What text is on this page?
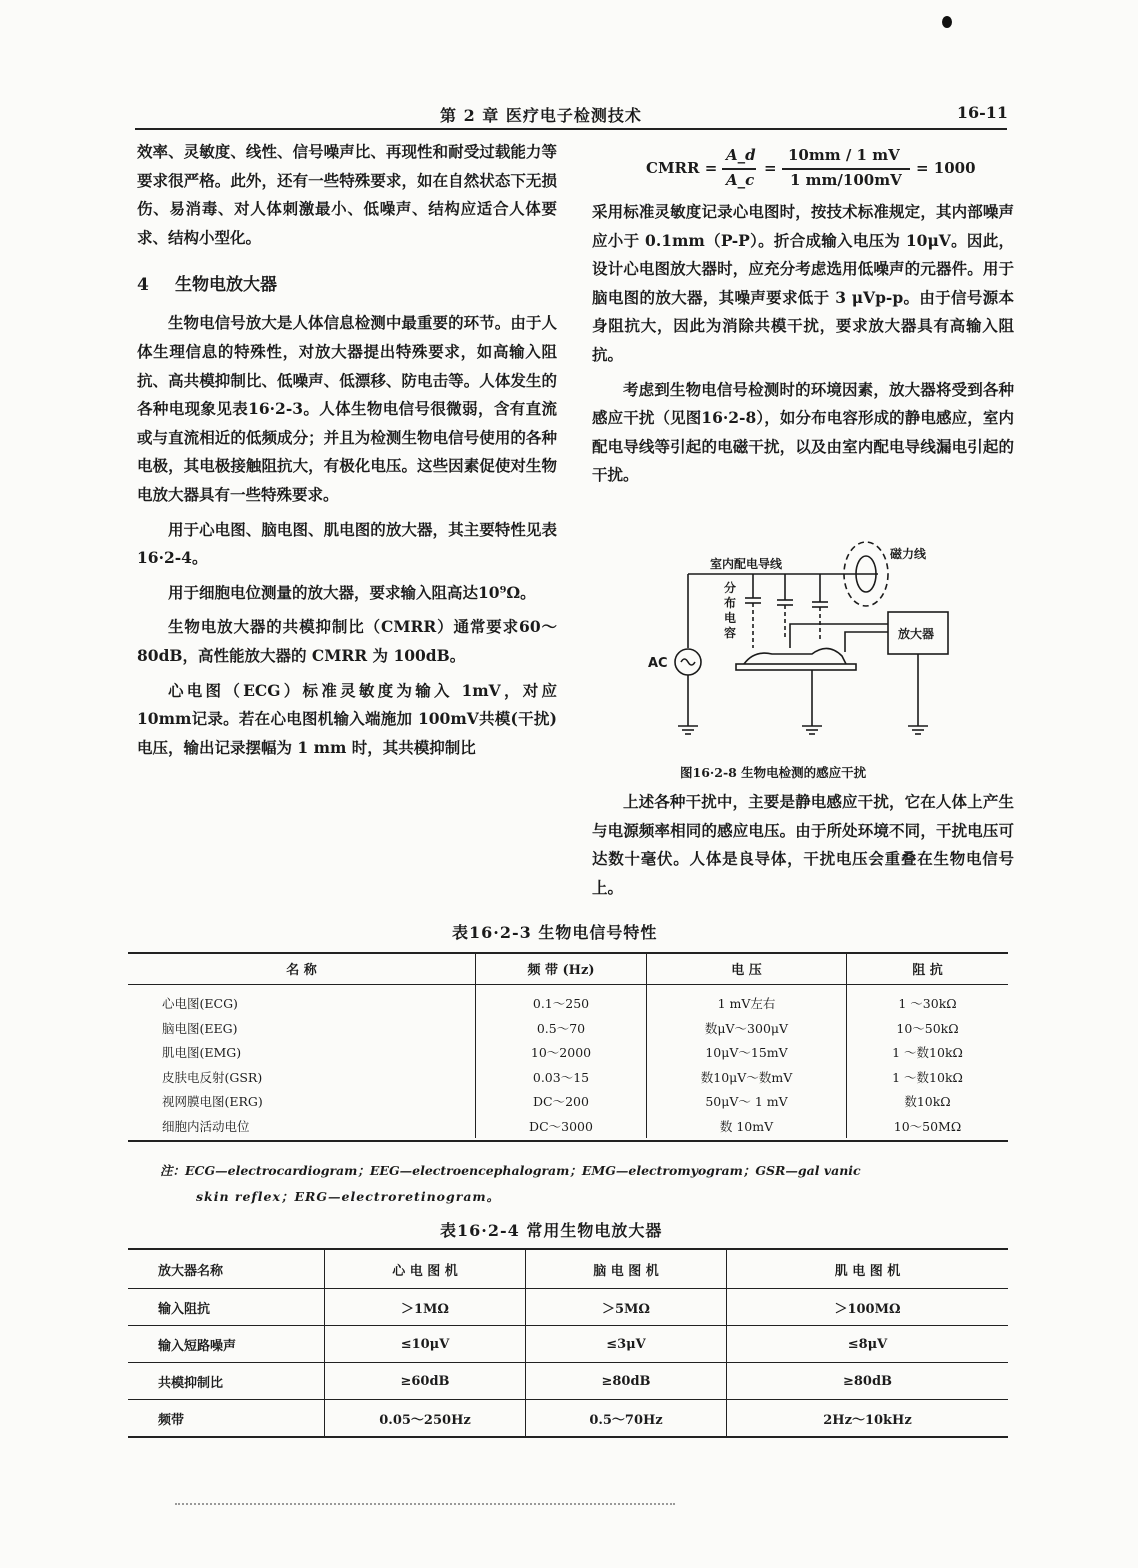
第 2 章 医疗电子检测技术	16-11

效率、灵敏度、线性、信号噪声比、再现性和耐受过载能力等要求很严格。此外，还有一些特殊要求，如在自然状态下无损伤、易消毒、对人体刺激最小、低噪声、结构应适合人体要求、结构小型化。

4 生物电放大器

生物电信号放大是人体信息检测中最重要的环节。由于人体生理信息的特殊性，对放大器提出特殊要求，如高输入阻抗、高共模抑制比、低噪声、低漂移、防电击等。人体发生的各种电现象见表16·2-3。人体生物电信号很微弱，含有直流或与直流相近的低频成分；并且为检测生物电信号使用的各种电极，其电极接触阻抗大，有极化电压。这些因素促使对生物电放大器具有一些特殊要求。

用于心电图、脑电图、肌电图的放大器，其主要特性见表16·2-4。

用于细胞电位测量的放大器，要求输入阻高达10⁹Ω。

生物电放大器的共模抑制比（CMRR）通常要求60～80dB，高性能放大器的 CMRR 为 100dB。

心电图（ECG）标准灵敏度为输入 1mV，对应 10mm记录。若在心电图机输入端施加 100mV共模(干扰)电压，输出记录摆幅为 1 mm 时，其共模抑制比

CMRR =
A_d
A_c
=
10mm / 1 mV
1 mm/100mV
= 1000

采用标准灵敏度记录心电图时，按技术标准规定，其内部噪声应小于 0.1mm（P-P）。折合成输入电压为 10μV。因此，设计心电图放大器时，应充分考虑选用低噪声的元器件。用于脑电图的放大器，其噪声要求低于 3 μVp-p。由于信号源本身阻抗大，因此为消除共模干扰，要求放大器具有高输入阻抗。

考虑到生物电信号检测时的环境因素，放大器将受到各种感应干扰（见图16·2-8），如分布电容形成的静电感应，室内配电导线等引起的电磁干扰，以及由室内配电导线漏电引起的干扰。

室内配电导线
磁力线
分
布
电
容	放大器
AC
图16·2-8 生物电检测的感应干扰

上述各种干扰中，主要是静电感应干扰，它在人体上产生与电源频率相同的感应电压。由于所处环境不同，干扰电压可达数十毫伏。人体是良导体，干扰电压会重叠在生物电信号上。

表16·2-3 生物电信号特性
名 称	频 带 (Hz)	电 压	阻 抗
心电图(ECG)	0.1～250	1 mV左右	1 ～30kΩ
脑电图(EEG)	0.5～70	数μV～300μV	10～50kΩ
肌电图(EMG)	10～2000	10μV～15mV	1 ～数10kΩ
皮肤电反射(GSR)	0.03～15	数10μV～数mV	1 ～数10kΩ
视网膜电图(ERG)	DC～200	50μV～ 1 mV	数10kΩ
细胞内活动电位	DC～3000	数 10mV	10～50MΩ
注：ECG—electrocardiogram；EEG—electroencephalogram；EMG—electromyogram；GSR—gal vanic
skin reflex；ERG—electroretinogram。
表16·2-4 常用生物电放大器
放大器名称	心 电 图 机	脑 电 图 机	肌 电 图 机
输入阻抗	＞1MΩ	＞5MΩ	＞100MΩ
输入短路噪声	≤10μV	≤3μV	≤8μV
共模抑制比	≥60dB	≥80dB	≥80dB
频带	0.05～250Hz	0.5～70Hz	2Hz～10kHz
